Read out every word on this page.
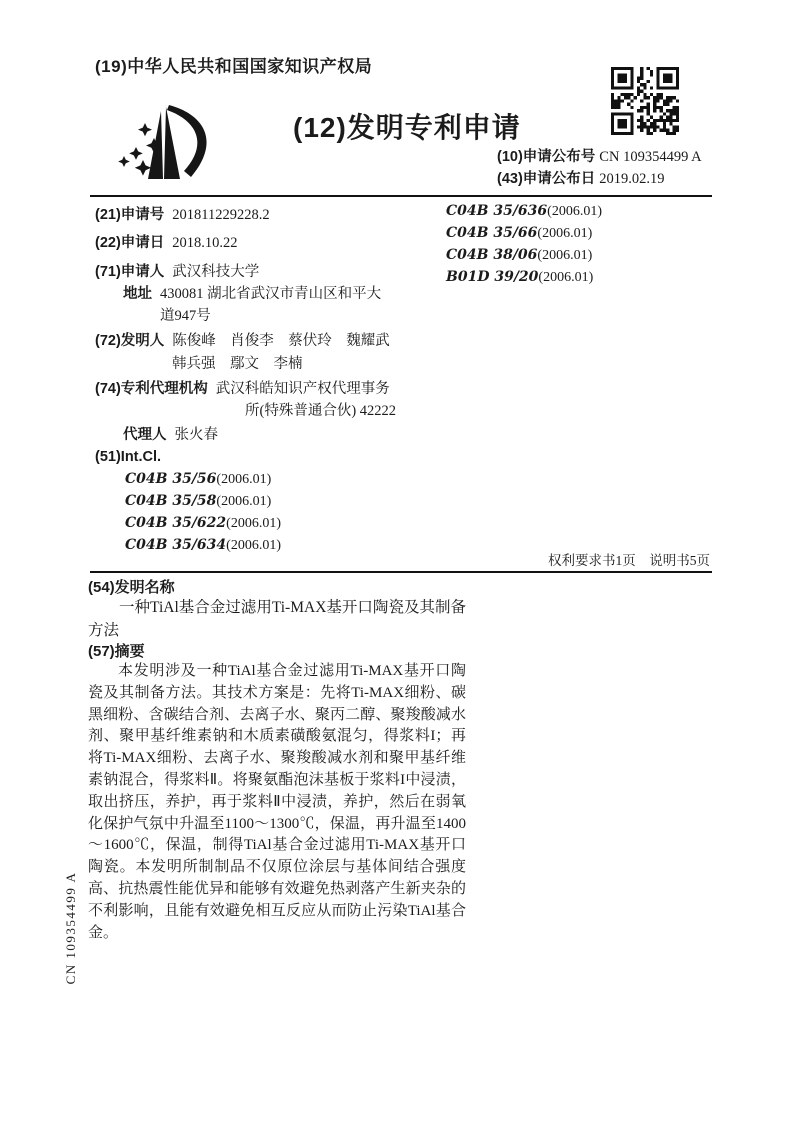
(19)中华人民共和国国家知识产权局
(12)发明专利申请
(10)申请公布号 CN 109354499 A
(43)申请公布日 2019.02.19
(21)申请号 201811229228.2
(22)申请日 2018.10.22
(71)申请人 武汉科技大学
地址 430081 湖北省武汉市青山区和平大
道947号
(72)发明人 陈俊峰　肖俊李　蔡伏玲　魏耀武
韩兵强　鄢文　李楠
(74)专利代理机构 武汉科皓知识产权代理事务
所(特殊普通合伙) 42222
代理人 张火春
(51)Int.Cl.
C04B 35/56(2006.01)
C04B 35/58(2006.01)
C04B 35/622(2006.01)
C04B 35/634(2006.01)
C04B 35/636(2006.01)
C04B 35/66(2006.01)
C04B 38/06(2006.01)
B01D 39/20(2006.01)
权利要求书1页　说明书5页
(54)发明名称
一种TiAl基合金过滤用Ti-MAX基开口陶瓷及其制备方法
(57)摘要
本发明涉及一种TiAl基合金过滤用Ti-MAX基开口陶瓷及其制备方法。其技术方案是：先将Ti-MAX细粉、碳黑细粉、含碳结合剂、去离子水、聚丙二醇、聚羧酸减水剂、聚甲基纤维素钠和木质素磺酸氨混匀，得浆料I；再将Ti-MAX细粉、去离子水、聚羧酸减水剂和聚甲基纤维素钠混合，得浆料Ⅱ。将聚氨酯泡沫基板于浆料I中浸渍，取出挤压，养护，再于浆料Ⅱ中浸渍，养护，然后在弱氧化保护气氛中升温至1100～1300℃，保温，再升温至1400～1600℃，保温，制得TiAl基合金过滤用Ti-MAX基开口陶瓷。本发明所制制品不仅原位涂层与基体间结合强度高、抗热震性能优异和能够有效避免热剥落产生新夹杂的不利影响，且能有效避免相互反应从而防止污染TiAl基合金。
CN 109354499 A
